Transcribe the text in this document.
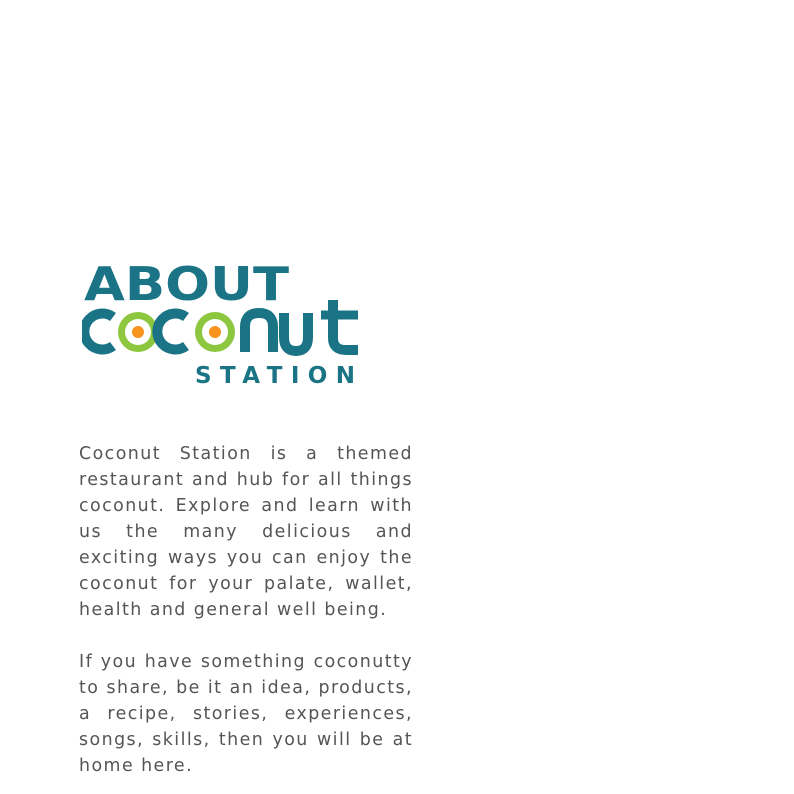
ABOUT
STATION

Coconut Station is a themed restaurant and hub for all things coconut. Explore and learn with us the many delicious and exciting ways you can enjoy the coconut for your palate, wallet, health and general well being.

If you have something coconutty to share, be it an idea, products, a recipe, stories, experiences, songs, skills, then you will be at home here.
